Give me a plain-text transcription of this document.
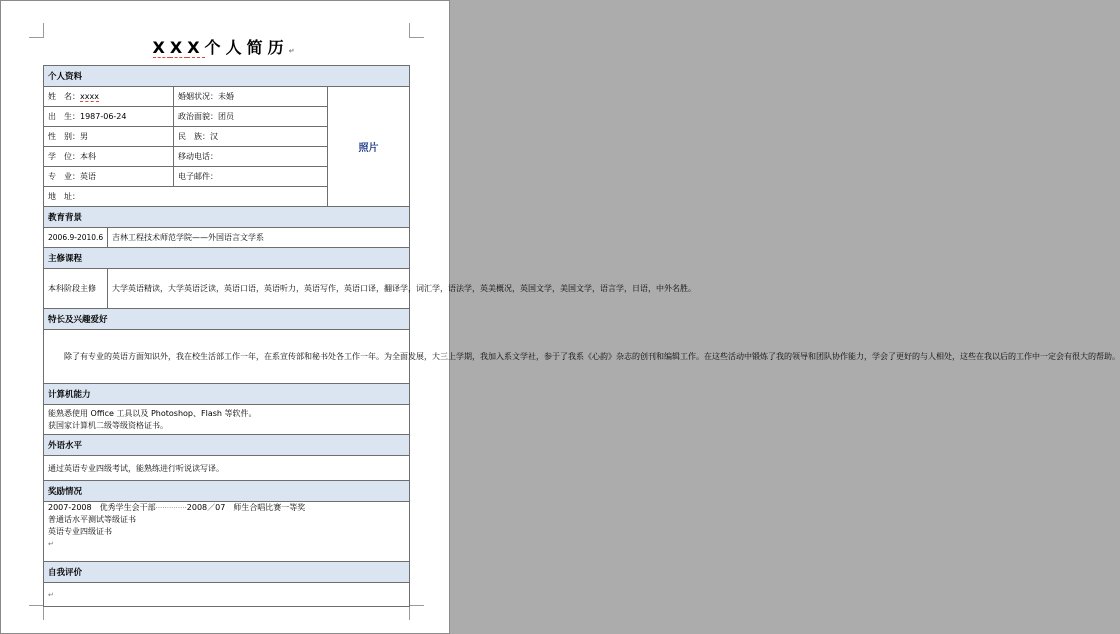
XXX个人简历↵
个人资料			
姓　名：xxxx		婚姻状况：未婚	照片
出　生：1987-06-24		政治面貌：团员	
性　别：男		民　族：汉	
学　位：本科		移动电话：	
专　业：英语		电子邮件：	
地　址：			
教育背景			
2006.9-2010.6	吉林工程技术师范学院——外国语言文学系		
主修课程			
本科阶段主修	大学英语精读，大学英语泛读，英语口语，英语听力，英语写作，英语口译，翻译学，词汇学，语法学，英美概况，英国文学，美国文学，语言学，日语，中外名胜。		
特长及兴趣爱好			
除了有专业的英语方面知识外，我在校生活部工作一年，在系宣传部和秘书处各工作一年。为全面发展，大三上学期，我加入系文学社，参于了我系《心韵》杂志的创刊和编辑工作。在这些活动中锻炼了我的领导和团队协作能力，学会了更好的与人相处，这些在我以后的工作中一定会有很大的帮助。			
计算机能力			

能熟悉使用 Office 工具以及 Photoshop、Flash 等软件。
获国家计算机二级等级资格证书。			

外语水平			
通过英语专业四级考试，能熟练进行听说读写译。			
奖励情况			

2007-2008　优秀学生会干部··············2008／07　师生合唱比赛一等奖
普通话水平测试等级证书
英语专业四级证书
↵			

自我评价			
↵			
